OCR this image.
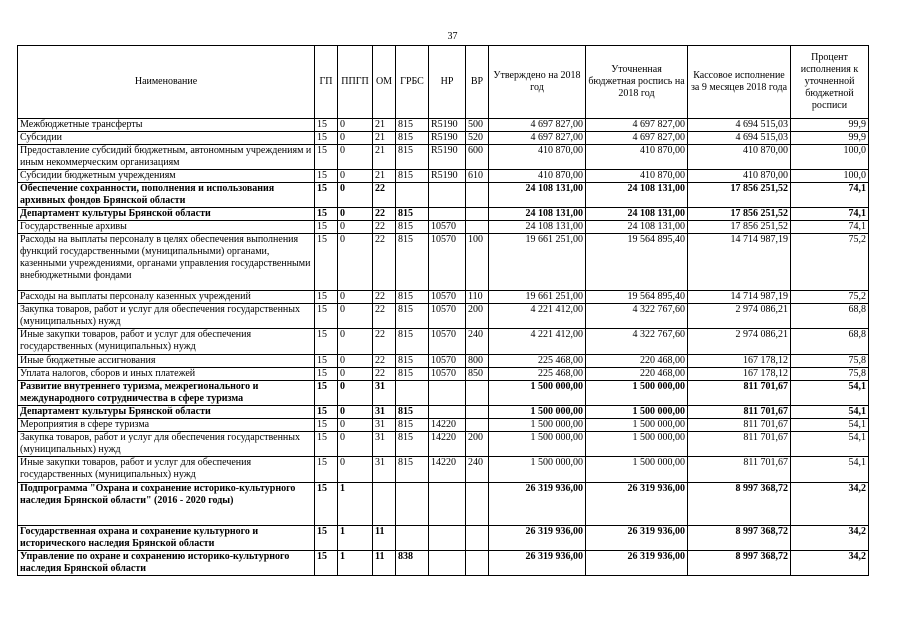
37
Наименование	ГП	ППГП	ОМ	ГРБС	НР	ВР	Утверждено на 2018 год	Уточненная бюджетная роспись на 2018 год	Кассовое исполнение за 9 месяцев 2018 года	Процент исполнения к уточненной бюджетной росписи
Межбюджетные трансферты	15	0	21	815	R5190	500	4 697 827,00	4 697 827,00	4 694 515,03	99,9
Субсидии	15	0	21	815	R5190	520	4 697 827,00	4 697 827,00	4 694 515,03	99,9
Предоставление субсидий бюджетным, автономным учреждениям и иным некоммерческим организациям	15	0	21	815	R5190	600	410 870,00	410 870,00	410 870,00	100,0
Субсидии бюджетным учреждениям	15	0	21	815	R5190	610	410 870,00	410 870,00	410 870,00	100,0
Обеспечение сохранности, пополнения и использования архивных фондов Брянской области	15	0	22				24 108 131,00	24 108 131,00	17 856 251,52	74,1
Департамент культуры Брянской области	15	0	22	815			24 108 131,00	24 108 131,00	17 856 251,52	74,1
Государственные архивы	15	0	22	815	10570		24 108 131,00	24 108 131,00	17 856 251,52	74,1
Расходы на выплаты персоналу в целях обеспечения выполнения функций государственными (муниципальными) органами, казенными учреждениями, органами управления государственными внебюджетными фондами	15	0	22	815	10570	100	19 661 251,00	19 564 895,40	14 714 987,19	75,2
Расходы на выплаты персоналу казенных учреждений	15	0	22	815	10570	110	19 661 251,00	19 564 895,40	14 714 987,19	75,2
Закупка товаров, работ и услуг для обеспечения государственных (муниципальных) нужд	15	0	22	815	10570	200	4 221 412,00	4 322 767,60	2 974 086,21	68,8
Иные закупки товаров, работ и услуг для обеспечения государственных (муниципальных) нужд	15	0	22	815	10570	240	4 221 412,00	4 322 767,60	2 974 086,21	68,8
Иные бюджетные ассигнования	15	0	22	815	10570	800	225 468,00	220 468,00	167 178,12	75,8
Уплата налогов, сборов и иных платежей	15	0	22	815	10570	850	225 468,00	220 468,00	167 178,12	75,8
Развитие внутреннего туризма, межрегионального и международного сотрудничества в сфере туризма	15	0	31				1 500 000,00	1 500 000,00	811 701,67	54,1
Департамент культуры Брянской области	15	0	31	815			1 500 000,00	1 500 000,00	811 701,67	54,1
Мероприятия в сфере туризма	15	0	31	815	14220		1 500 000,00	1 500 000,00	811 701,67	54,1
Закупка товаров, работ и услуг для обеспечения государственных (муниципальных) нужд	15	0	31	815	14220	200	1 500 000,00	1 500 000,00	811 701,67	54,1
Иные закупки товаров, работ и услуг для обеспечения государственных (муниципальных) нужд	15	0	31	815	14220	240	1 500 000,00	1 500 000,00	811 701,67	54,1
Подпрограмма "Охрана и сохранение историко-культурного наследия Брянской области" (2016 - 2020 годы)	15	1					26 319 936,00	26 319 936,00	8 997 368,72	34,2
Государственная охрана и сохранение культурного и исторического наследия Брянской области	15	1	11				26 319 936,00	26 319 936,00	8 997 368,72	34,2
Управление по охране и сохранению историко-культурного наследия Брянской области	15	1	11	838			26 319 936,00	26 319 936,00	8 997 368,72	34,2
